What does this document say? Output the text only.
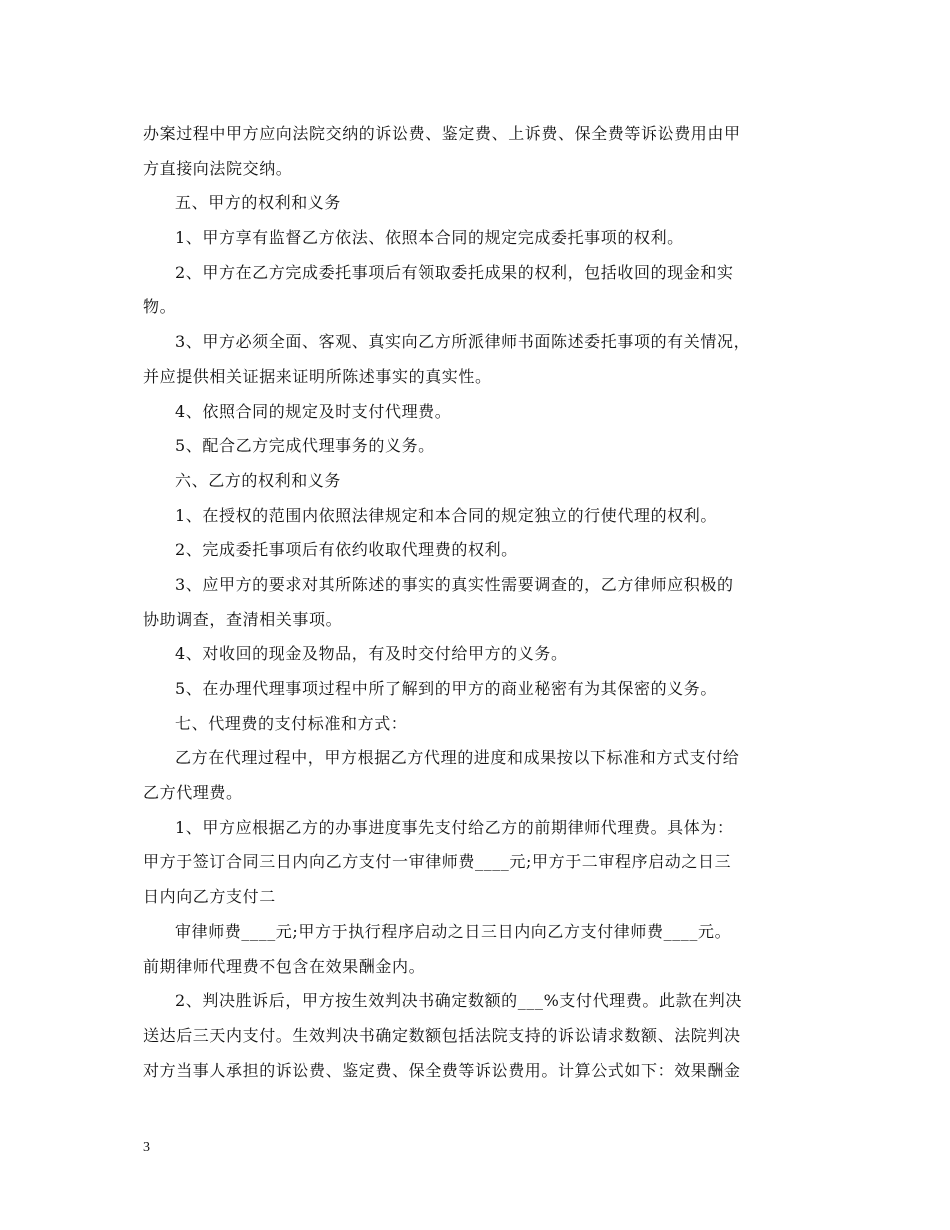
办案过程中甲方应向法院交纳的诉讼费、鉴定费、上诉费、保全费等诉讼费用由甲
方直接向法院交纳。
五、甲方的权利和义务
1、甲方享有监督乙方依法、依照本合同的规定完成委托事项的权利。
2、甲方在乙方完成委托事项后有领取委托成果的权利，包括收回的现金和实
物。
3、甲方必须全面、客观、真实向乙方所派律师书面陈述委托事项的有关情况，
并应提供相关证据来证明所陈述事实的真实性。
4、依照合同的规定及时支付代理费。
5、配合乙方完成代理事务的义务。
六、乙方的权利和义务
1、在授权的范围内依照法律规定和本合同的规定独立的行使代理的权利。
2、完成委托事项后有依约收取代理费的权利。
3、应甲方的要求对其所陈述的事实的真实性需要调查的，乙方律师应积极的
协助调查，查清相关事项。
4、对收回的现金及物品，有及时交付给甲方的义务。
5、在办理代理事项过程中所了解到的甲方的商业秘密有为其保密的义务。
七、代理费的支付标准和方式：
乙方在代理过程中，甲方根据乙方代理的进度和成果按以下标准和方式支付给
乙方代理费。
1、甲方应根据乙方的办事进度事先支付给乙方的前期律师代理费。具体为：
甲方于签订合同三日内向乙方支付一审律师费____元;甲方于二审程序启动之日三
日内向乙方支付二
审律师费____元;甲方于执行程序启动之日三日内向乙方支付律师费____元。
前期律师代理费不包含在效果酬金内。
2、判决胜诉后，甲方按生效判决书确定数额的___%支付代理费。此款在判决
送达后三天内支付。生效判决书确定数额包括法院支持的诉讼请求数额、法院判决
对方当事人承担的诉讼费、鉴定费、保全费等诉讼费用。计算公式如下：效果酬金
3
